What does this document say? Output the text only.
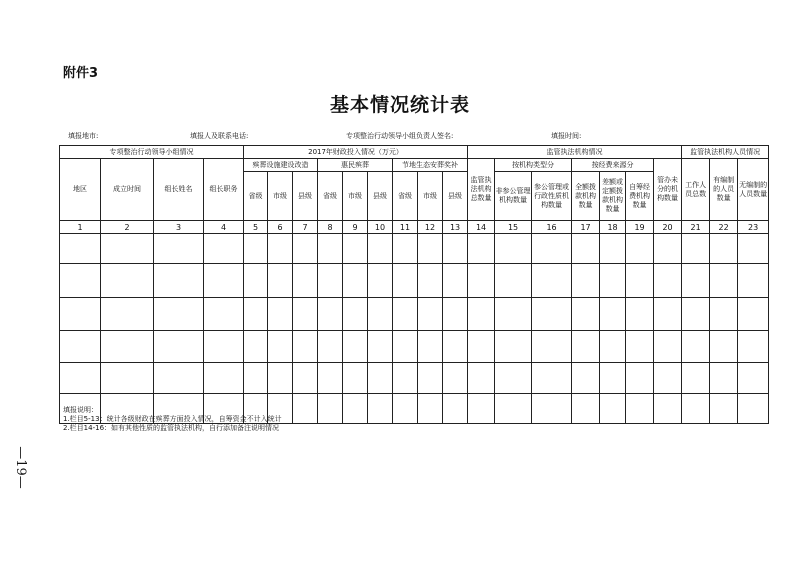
—19—
附件3
基本情况统计表
填报地市:	填报人及联系电话:	专项整治行动领导小组负责人签名:	填报时间:
专项整治行动领导小组情况				2017年财政投入情况（万元）									监管执法机构情况							监管执法机构人员情况		
地区	成立时间	组长姓名	组长职务	殡葬设施建设改造			惠民殡葬			节地生态安葬奖补			监管执法机构总数量	按机构类型分		按经费来源分			管办未分的机构数量	工作人员总数	有编制的人员数量	无编制的人员数量
				省级	市级	县级	省级	市级	县级	省级	市级	县级		非参公管理机构数量	参公管理或行政性质机构数量	全额拨款机构数量	差额或定额拨款机构数量	自筹经费机构数量				
1	2	3	4	5	6	7	8	9	10	11	12	13	14	15	16	17	18	19	20	21	22	23

填报说明：
1.栏目5-13：统计各级财政在殡葬方面投入情况，自筹资金不计入统计
2.栏目14-16：如有其他性质的监管执法机构，自行添加备注说明情况
